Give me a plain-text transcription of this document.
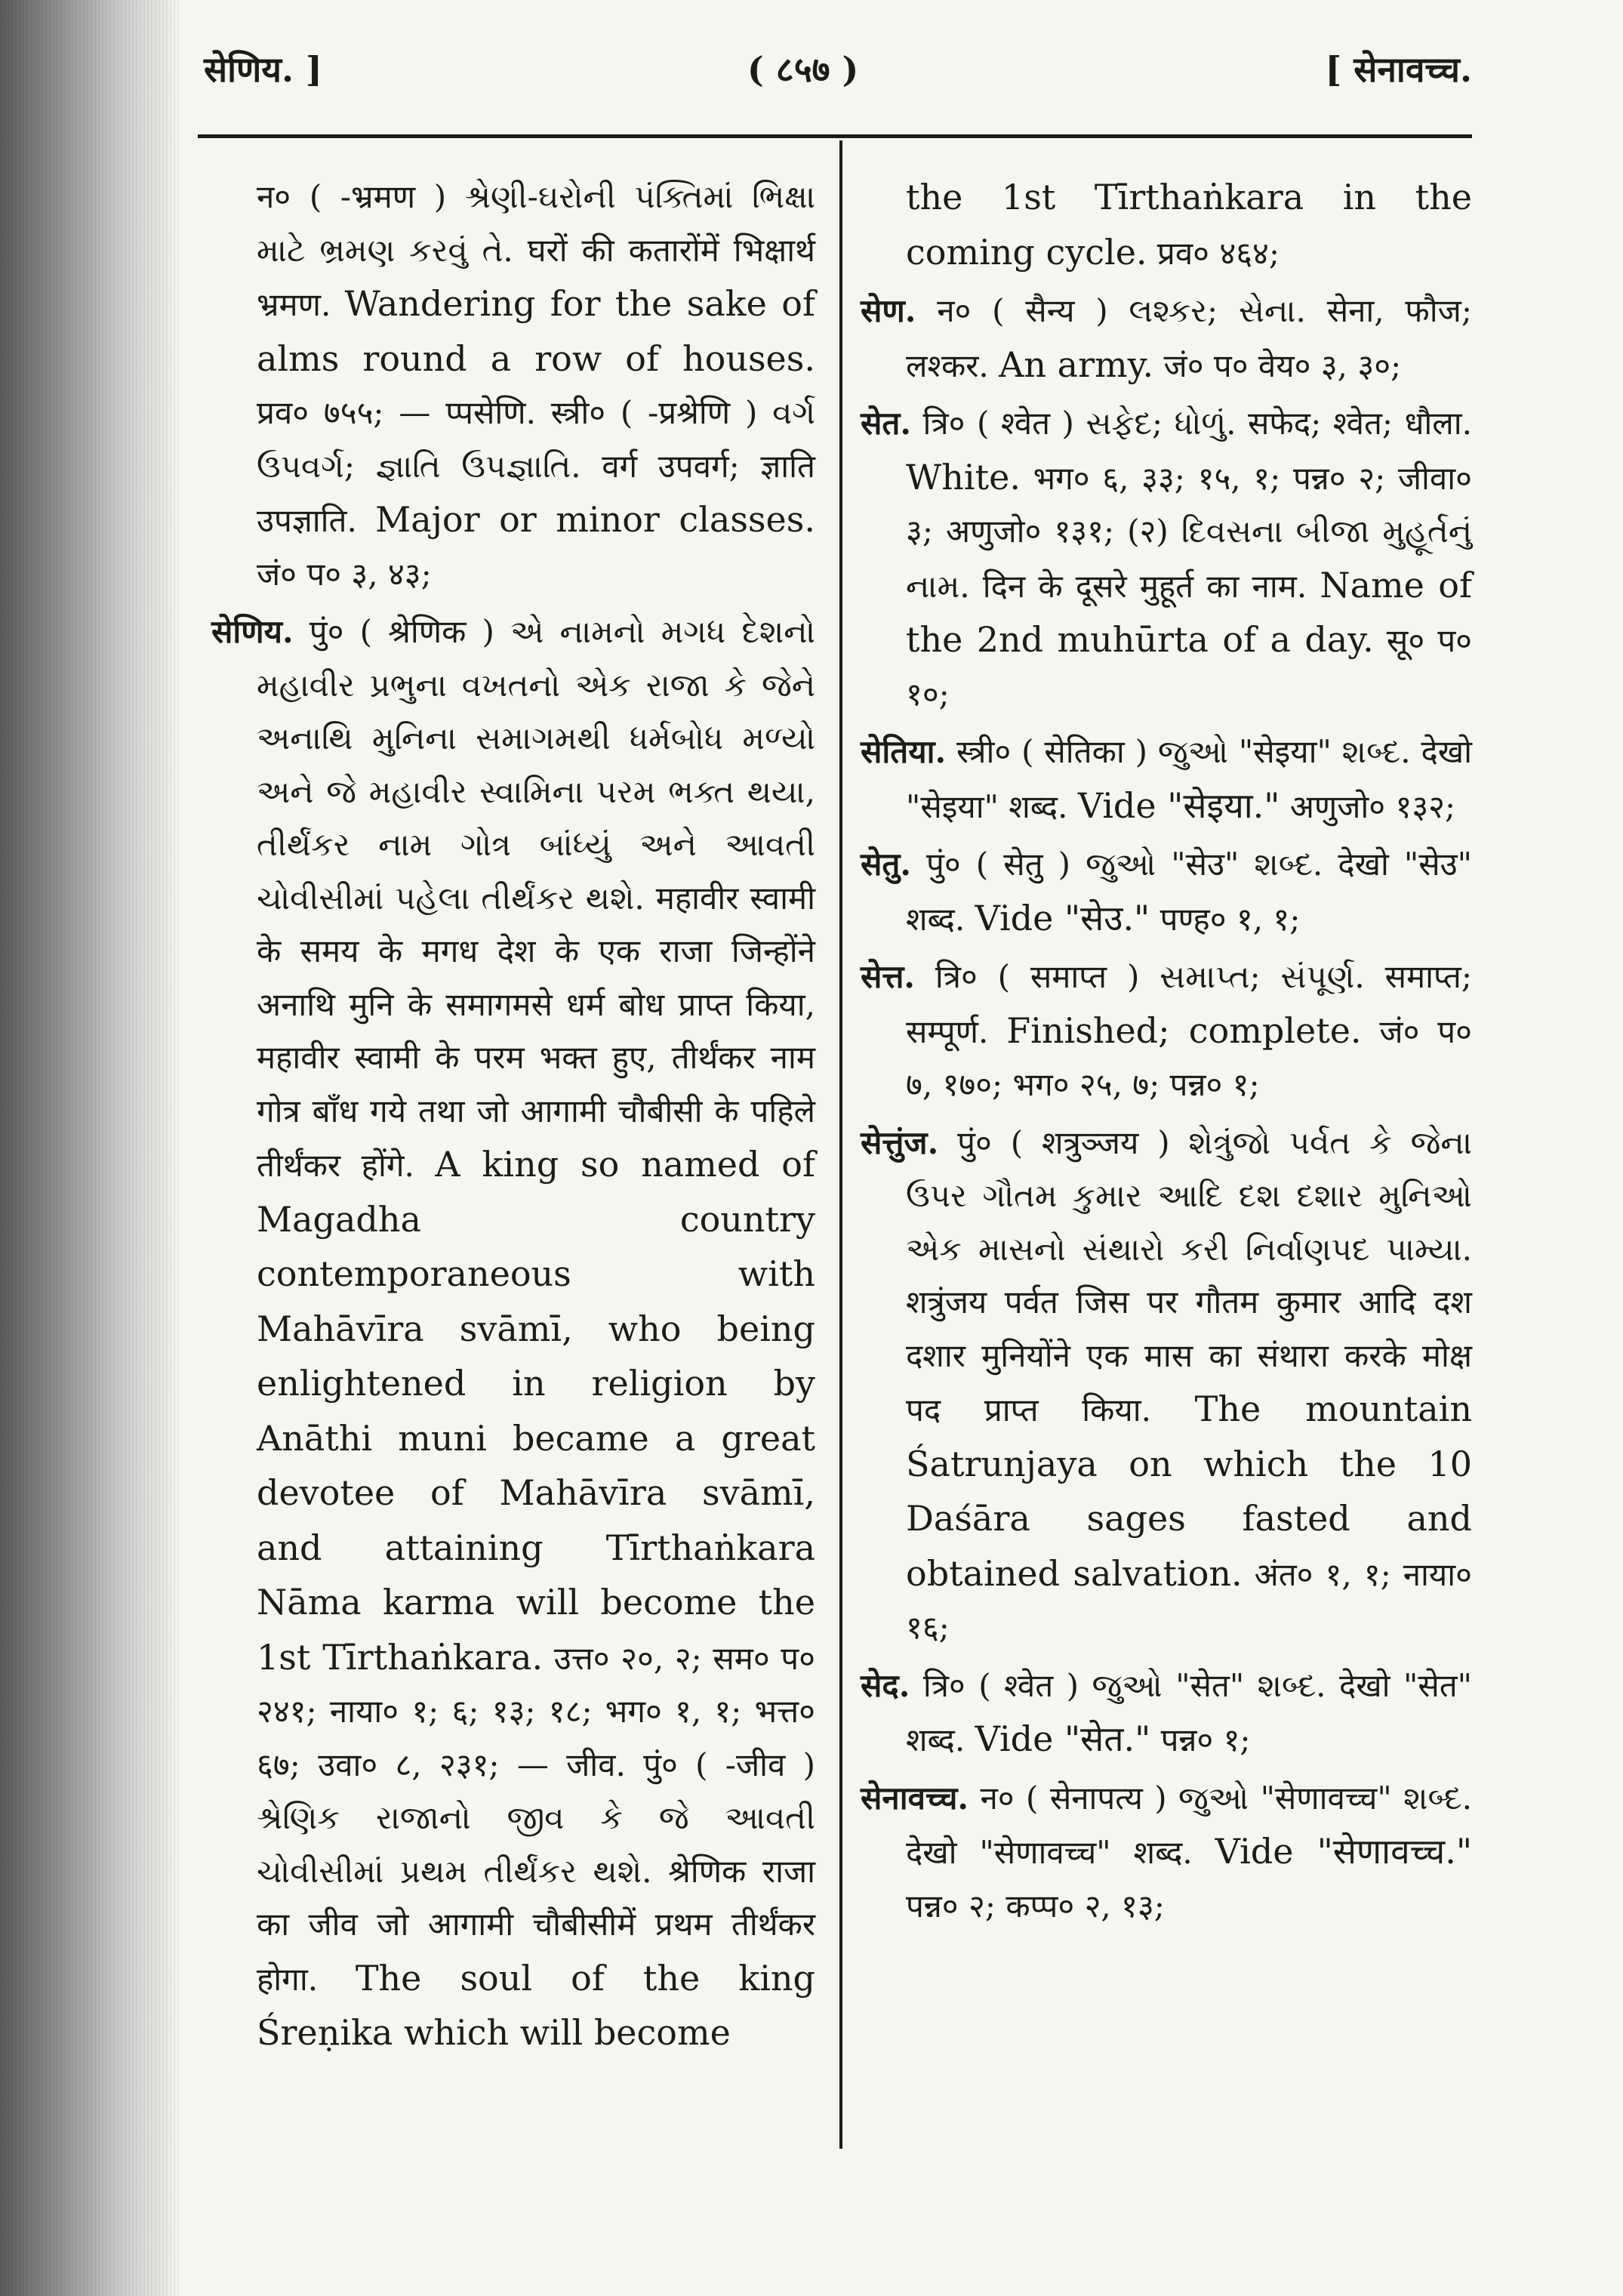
सेणिय. ]	( ८५७ )	[ सेनावच्च.

न० ( -भ्रमण ) શ્રેણી-ઘરોની પંક્તિમાં ભિક્ષા માટે ભ્રમણ કરવું તે. घरों की कतारोंमें भिक्षार्थ भ्रमण. Wandering for the sake of alms round a row of houses. प्रव० ७५५; — प्पसेणि. स्त्री० ( -प्रश्रेणि ) વર્ગ ઉપવર્ગ; જ્ઞાતિ ઉપજ્ઞાતિ. वर्ग उपवर्ग; ज्ञाति उपज्ञाति. Major or minor classes. जं० प० ३, ४३;

सेणिय. पुं० ( श्रेणिक ) એ નામનો મગધ દેશનો મહાવીર પ્રભુના વખતનો એક રાજા કે જેને અનાથિ મુનિના સમાગમથી ધર્મબોધ મળ્યો અને જે મહાવીર સ્વામિના પરમ ભક્ત થયા, તીર્થંકર નામ ગોત્ર બાંધ્યું અને આવતી ચોવીસીમાં પહેલા તીર્થંકર થશે. महावीर स्वामी के समय के मगध देश के एक राजा जिन्होंने अनाथि मुनि के समागमसे धर्म बोध प्राप्त किया, महावीर स्वामी के परम भक्त हुए, तीर्थंकर नाम गोत्र बाँध गये तथा जो आगामी चौबीसी के पहिले तीर्थंकर होंगे. A king so named of Magadha country contemporaneous with Mahāvīra svāmī, who being enlightened in religion by Anāthi muni became a great devotee of Mahāvīra svāmī, and attaining Tīrthaṅkara Nāma karma will become the 1st Tīrthaṅkara. उत्त० २०, २; सम० प० २४१; नाया० १; ६; १३; १८; भग० १, १; भत्त० ६७; उवा० ८, २३१; — जीव. पुं० ( -जीव ) શ્રેણિક રાજાનો જીવ કે જે આવતી ચોવીસીમાં પ્રથમ તીર્થંકર થશે. श्रेणिक राजा का जीव जो आगामी चौबीसीमें प्रथम तीर्थंकर होगा. The soul of the king Śreṇika which will become

the 1st Tīrthaṅkara in the coming cycle. प्रव० ४६४;

सेण. न० ( सैन्य ) લશ્કર; સેના. सेना, फौज; लश्कर. An army. जं० प० वेय० ३, ३०;

सेत. त्रि० ( श्वेत ) સફેદ; ધોળું. सफेद; श्वेत; धौला. White. भग० ६, ३३; १५, १; पन्न० २; जीवा० ३; अणुजो० १३१; (२) દિવસના બીજા મુહૂર્તનું નામ. दिन के दूसरे मुहूर्त का नाम. Name of the 2nd muhūrta of a day. सू० प० १०;

सेतिया. स्त्री० ( सेतिका ) જુઓ "सेइया" શબ્દ. देखो "सेइया" शब्द. Vide "सेइया." अणुजो० १३२;

सेतु. पुं० ( सेतु ) જુઓ "सेउ" શબ્દ. देखो "सेउ" शब्द. Vide "सेउ." पण्ह० १, १;

सेत्त. त्रि० ( समाप्त ) સમાપ્ત; સંપૂર્ણ. समाप्त; सम्पूर्ण. Finished; complete. जं० प० ७, १७०; भग० २५, ७; पन्न० १;

सेत्तुंज. पुं० ( शत्रुञ्जय ) શેત્રુંજો પર્વત કે જેના ઉપર ગૌતમ કુમાર આદિ દશ દશાર મુનિઓ એક માસનો સંથારો કરી નિર્વાણપદ પામ્યા. शत्रुंजय पर्वत जिस पर गौतम कुमार आदि दश दशार मुनियोंने एक मास का संथारा करके मोक्ष पद प्राप्त किया. The mountain Śatrunjaya on which the 10 Daśāra sages fasted and obtained salvation. अंत० १, १; नाया० १६;

सेद. त्रि० ( श्वेत ) જુઓ "सेत" શબ્દ. देखो "सेत" शब्द. Vide "सेत." पन्न० १;

सेनावच्च. न० ( सेनापत्य ) જુઓ "सेणावच्च" શબ્દ. देखो "सेणावच्च" शब्द. Vide "सेणावच्च." पन्न० २; कप्प० २, १३;
